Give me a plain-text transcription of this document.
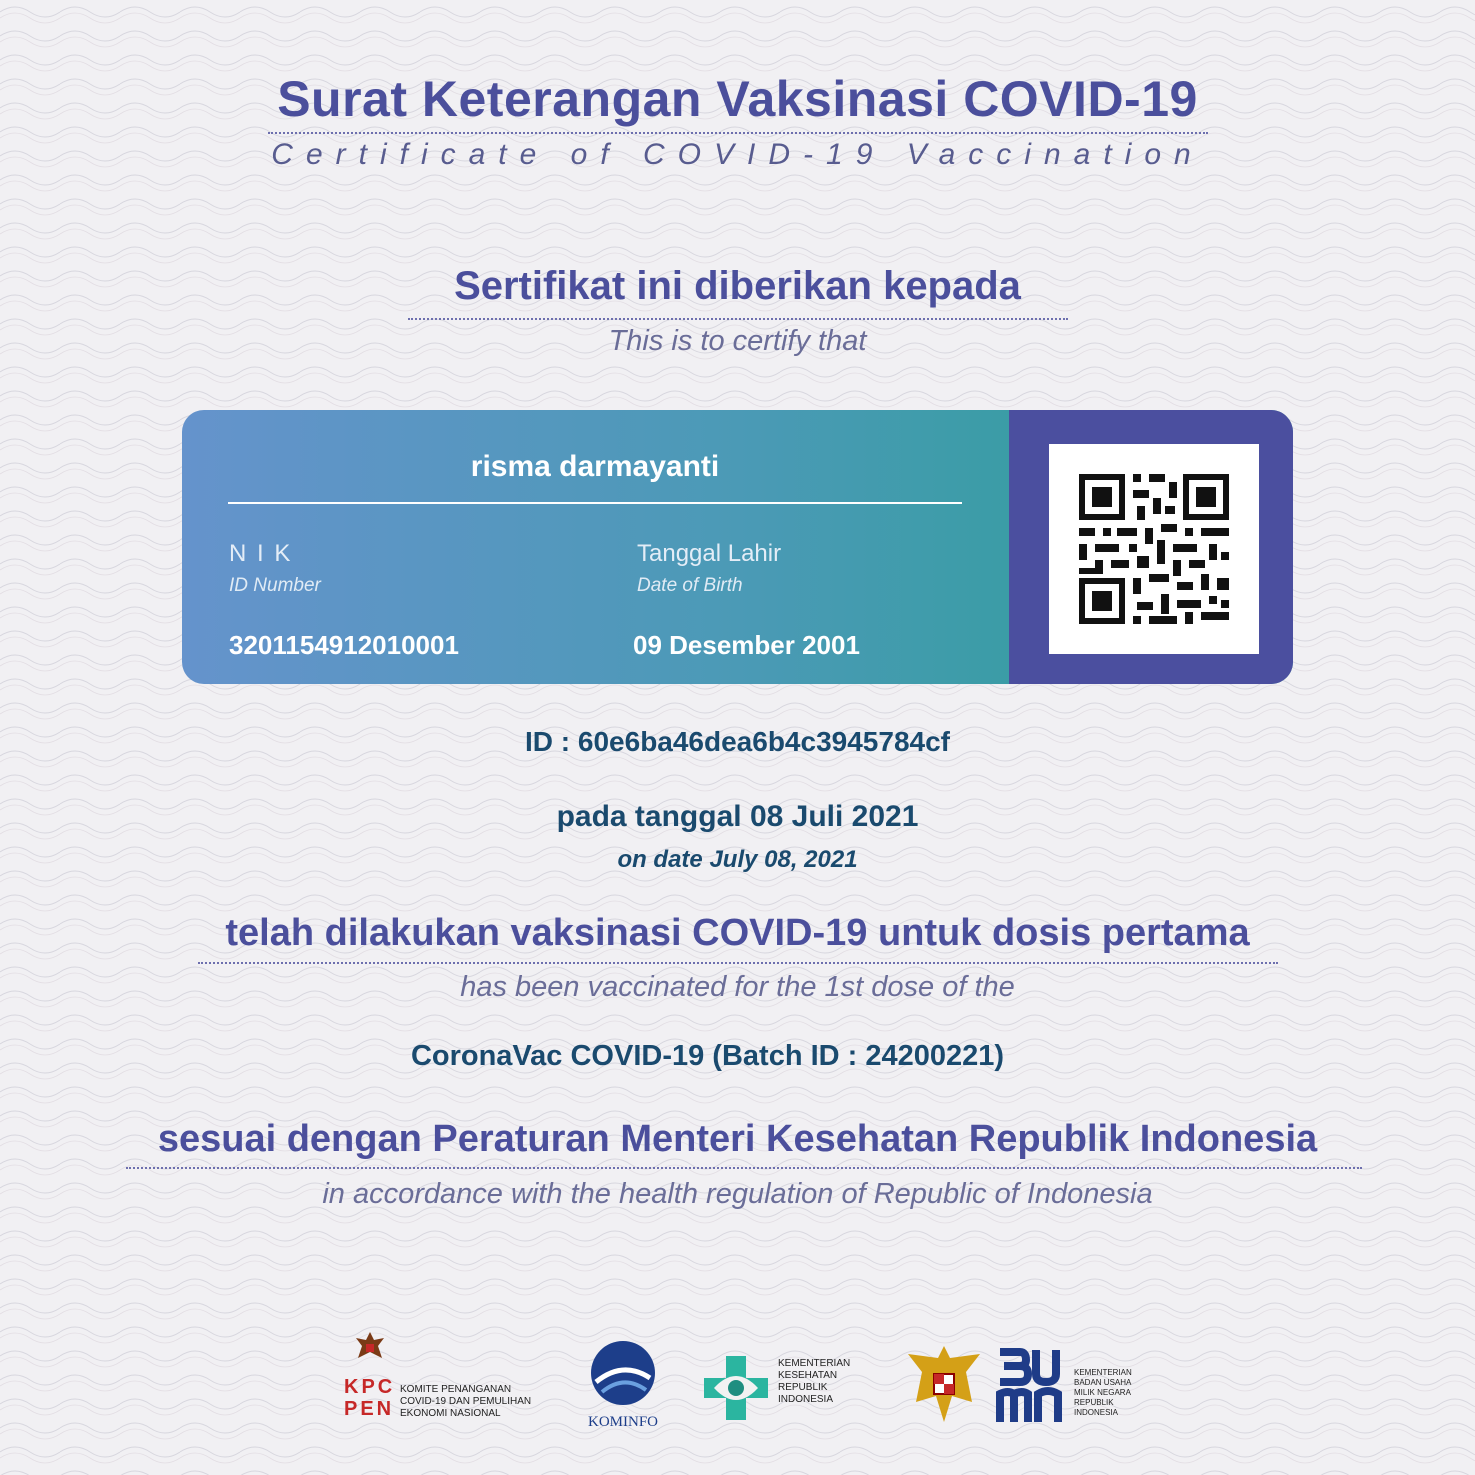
Surat Keterangan Vaksinasi COVID-19
Certificate of COVID-19 Vaccination
Sertifikat ini diberikan kepada
This is to certify that
risma darmayanti
N I K
ID Number
3201154912010001
Tanggal Lahir
Date of Birth
09 Desember 2001
ID : 60e6ba46dea6b4c3945784cf
pada tanggal 08 Juli 2021
on date July 08, 2021
telah dilakukan vaksinasi COVID-19 untuk dosis pertama
has been vaccinated for the 1st dose of the
CoronaVac COVID-19 (Batch ID : 24200221)
sesuai dengan Peraturan Menteri Kesehatan Republik Indonesia
in accordance with the health regulation of Republic of Indonesia
KPC PEN
KOMITE PENANGANAN
COVID-19 DAN PEMULIHAN
EKONOMI NASIONAL
KOMINFO
KEMENTERIAN
KESEHATAN
REPUBLIK
INDONESIA
KEMENTERIAN
BADAN USAHA
MILIK NEGARA
REPUBLIK
INDONESIA
